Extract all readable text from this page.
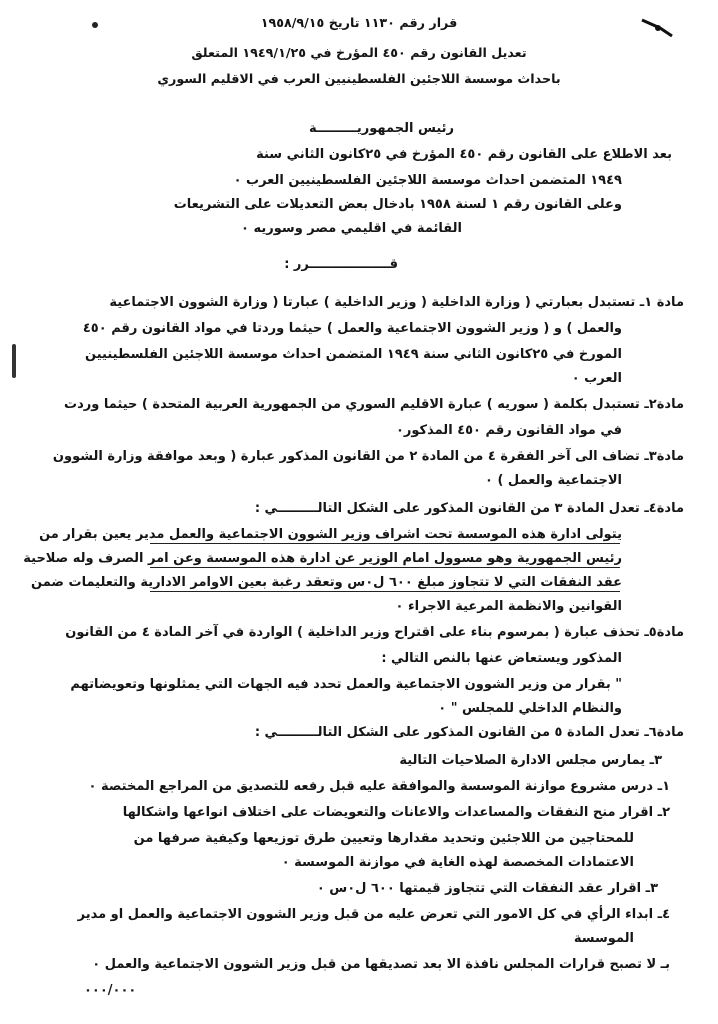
قرار رقم ١١٣٠ تاريخ ١٩٥٨/٩/١٥
تعديل القانون رقم ٤٥٠ المؤرخ في ١٩٤٩/١/٢٥ المتعلق
باحداث موسسة اللاجئين الفلسطينيين العرب في الاقليم السوري
رئيس الجمهوريـــــــــة
بعد الاطلاع على القانون رقم ٤٥٠ المؤرخ في ٢٥كانون الثاني سنة
١٩٤٩ المتضمن احداث موسسة اللاجئين الفلسطينيين العرب ٠
وعلى القانون رقم ١ لسنة ١٩٥٨ بادخال بعض التعديلات على التشريعات
القائمة في اقليمي مصر وسوريه ٠
قــــــــــــــــــرر :
مادة ١ـ تستبدل بعبارتي ( وزارة الداخلية ( وزير الداخلية ) عبارتا ( وزارة الشوون الاجتماعية
والعمل ) و ( وزير الشوون الاجتماعية والعمل ) حيثما وردتا في مواد القانون رقم ٤٥٠
المورخ في ٢٥كانون الثاني سنة ١٩٤٩ المتضمن احداث موسسة اللاجئين الفلسطينيين
العرب ٠
مادة٢ـ تستبدل بكلمة ( سوريه ) عبارة الاقليم السوري من الجمهورية العربية المتحدة ) حيثما وردت
في مواد القانون رقم ٤٥٠ المذكور٠
مادة٣ـ تضاف الى آخر الفقرة ٤ من المادة ٢ من القانون المذكور عبارة ( وبعد موافقة وزارة الشوون
الاجتماعية والعمل ) ٠
مادة٤ـ تعدل المادة ٣ من القانون المذكور على الشكل التالـــــــــي :
يتولى ادارة هذه الموسسة تحت اشراف وزير الشوون الاجتماعية والعمل مدير يعين بقرار من
رئيس الجمهورية وهو مسوول امام الوزير عن ادارة هذه الموسسة وعن امر الصرف وله صلاحية
عقد النفقات التي لا تتجاوز مبلغ ٦٠٠ ل٠س وتعقد رغبة بعين الاوامر الادارية والتعليمات ضمن
القوانين والانظمة المرعية الاجراء ٠
مادة٥ـ تحذف عبارة ( بمرسوم بناء على اقتراح وزير الداخلية ) الواردة في آخر المادة ٤ من القانون
المذكور ويستعاض عنها بالنص التالي :
" بقرار من وزير الشوون الاجتماعية والعمل تحدد فيه الجهات التي يمثلونها وتعويضاتهم
والنظام الداخلي للمجلس " ٠
مادة٦ـ تعدل المادة ٥ من القانون المذكور على الشكل التالـــــــــي :
٣ـ يمارس مجلس الادارة الصلاحيات التالية
١ـ درس مشروع موازنة الموسسة والموافقة عليه قبل رفعه للتصديق من المراجع المختصة ٠
٢ـ اقرار منح النفقات والمساعدات والاعانات والتعويضات على اختلاف انواعها واشكالها
للمحتاجين من اللاجئين وتحديد مقدارها وتعيين طرق توزيعها وكيفية صرفها من
الاعتمادات المخصصة لهذه الغاية في موازنة الموسسة ٠
٣ـ اقرار عقد النفقات التي تتجاوز قيمتها ٦٠٠ ل٠س ٠
٤ـ ابداء الرأي في كل الامور التي تعرض عليه من قبل وزير الشوون الاجتماعية والعمل او مدير
الموسسة
بـ لا تصبح قرارات المجلس نافذة الا بعد تصديقها من قبل وزير الشوون الاجتماعية والعمل ٠
٠٠٠/٠٠٠
